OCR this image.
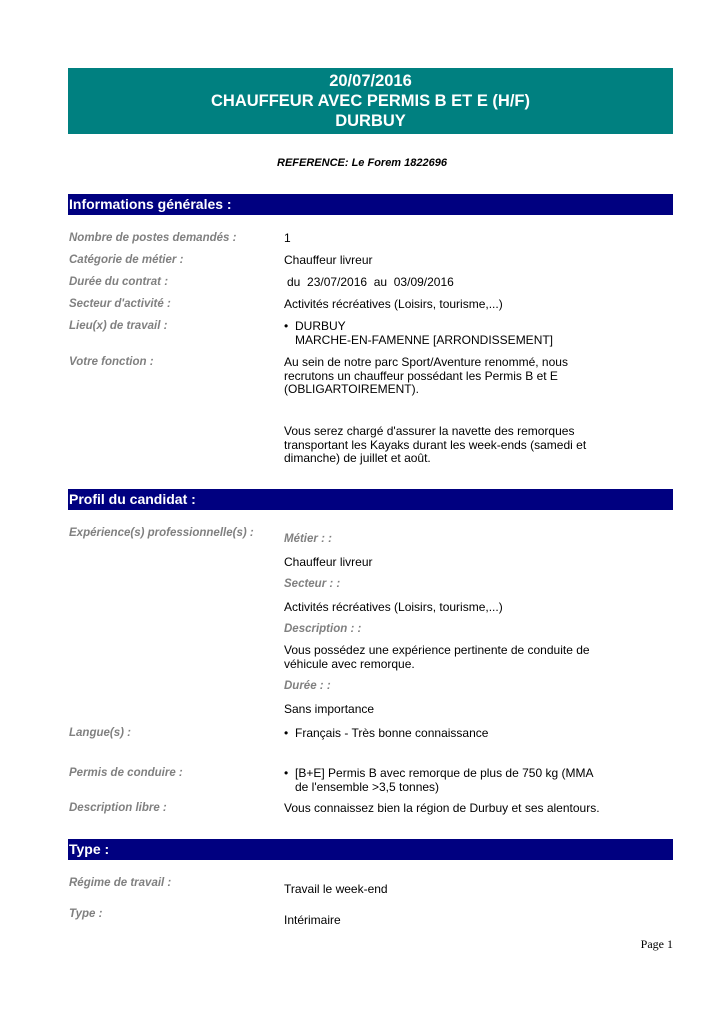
20/07/2016
CHAUFFEUR AVEC PERMIS B ET E (H/F)
DURBUY
REFERENCE: Le Forem 1822696
Informations générales :
Nombre de postes demandés :	1
Catégorie de métier :	Chauffeur livreur
Durée du contrat :	du  23/07/2016  au  03/09/2016
Secteur d'activité :	Activités récréatives (Loisirs, tourisme,...)
Lieu(x) de travail :	• DURBUY
MARCHE-EN-FAMENNE [ARRONDISSEMENT]
Votre fonction :	Au sein de notre parc Sport/Aventure renommé, nous recrutons un chauffeur possédant les Permis B et E (OBLIGARTOIREMENT).
Vous serez chargé d'assurer la navette des remorques transportant les Kayaks durant les week-ends (samedi et dimanche) de juillet et août.
Profil du candidat :
Expérience(s) professionnelle(s) :	Métier : :
Chauffeur livreur
Secteur : :
Activités récréatives (Loisirs, tourisme,...)
Description : :
Vous possédez une expérience pertinente de conduite de véhicule avec remorque.
Durée : :
Sans importance
Langue(s) :	• Français - Très bonne connaissance
Permis de conduire :	• [B+E] Permis B avec remorque de plus de 750 kg (MMA de l'ensemble >3,5 tonnes)
Description libre :	Vous connaissez bien la région de Durbuy et ses alentours.
Type :
Régime de travail :	Travail le week-end
Type :	Intérimaire
Page 1
